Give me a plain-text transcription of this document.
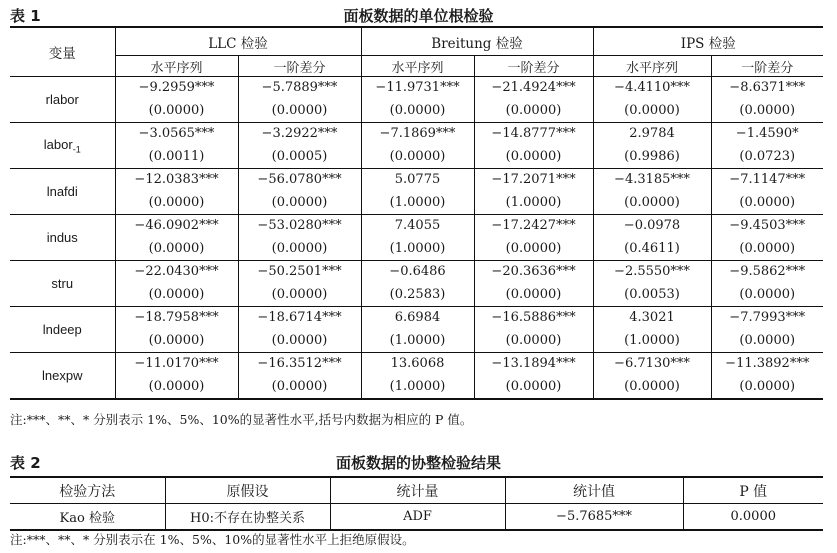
表 1	面板数据的单位根检验
变量	LLC 检验		Breitung 检验		IPS 检验	
	水平序列	一阶差分	水平序列	一阶差分	水平序列	一阶差分
rlabor	−9.2959***	−5.7889***	−11.9731***	−21.4924***	−4.4110***	−8.6371***
	(0.0000)	(0.0000)	(0.0000)	(0.0000)	(0.0000)	(0.0000)
labor$_{-1}$	−3.0565***	−3.2922***	−7.1869***	−14.8777***	2.9784	−1.4590*
	(0.0011)	(0.0005)	(0.0000)	(0.0000)	(0.9986)	(0.0723)
lnafdi	−12.0383***	−56.0780***	5.0775	−17.2071***	−4.3185***	−7.1147***
	(0.0000)	(0.0000)	(1.0000)	(1.0000)	(0.0000)	(0.0000)
indus	−46.0902***	−53.0280***	7.4055	−17.2427***	−0.0978	−9.4503***
	(0.0000)	(0.0000)	(1.0000)	(0.0000)	(0.4611)	(0.0000)
stru	−22.0430***	−50.2501***	−0.6486	−20.3636***	−2.5550***	−9.5862***
	(0.0000)	(0.0000)	(0.2583)	(0.0000)	(0.0053)	(0.0000)
lndeep	−18.7958***	−18.6714***	6.6984	−16.5886***	4.3021	−7.7993***
	(0.0000)	(0.0000)	(1.0000)	(0.0000)	(1.0000)	(0.0000)
lnexpw	−11.0170***	−16.3512***	13.6068	−13.1894***	−6.7130***	−11.3892***
	(0.0000)	(0.0000)	(1.0000)	(0.0000)	(0.0000)	(0.0000)
注:***、**、* 分别表示 1%、5%、10%的显著性水平,括号内数据为相应的 P 值。
表 2	面板数据的协整检验结果
检验方法	原假设	统计量	统计值	P 值
Kao 检验	H0:不存在协整关系	ADF	−5.7685***	0.0000
注:***、**、* 分别表示在 1%、5%、10%的显著性水平上拒绝原假设。
